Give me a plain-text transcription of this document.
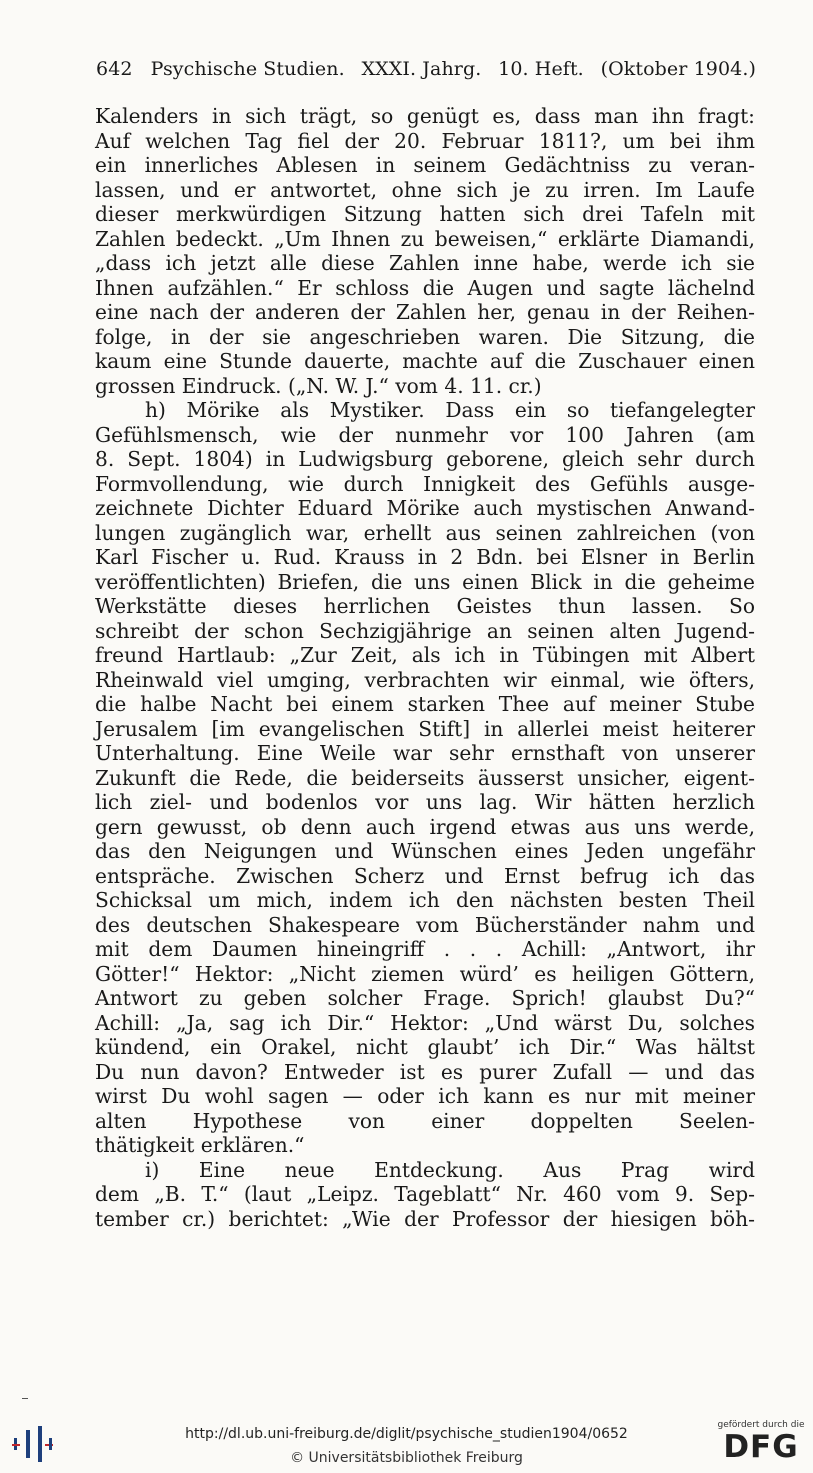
642 Psychische Studien. XXXI. Jahrg. 10. Heft. (Oktober 1904.)
Kalenders in sich trägt, so genügt es, dass man ihn fragt:
Auf welchen Tag fiel der 20. Februar 1811?, um bei ihm
ein innerliches Ablesen in seinem Gedächtniss zu veran-
lassen, und er antwortet, ohne sich je zu irren. Im Laufe
dieser merkwürdigen Sitzung hatten sich drei Tafeln mit
Zahlen bedeckt. „Um Ihnen zu beweisen,“ erklärte Diamandi,
„dass ich jetzt alle diese Zahlen inne habe, werde ich sie
Ihnen aufzählen.“ Er schloss die Augen und sagte lächelnd
eine nach der anderen der Zahlen her, genau in der Reihen-
folge, in der sie angeschrieben waren. Die Sitzung, die
kaum eine Stunde dauerte, machte auf die Zuschauer einen
grossen Eindruck. („N. W. J.“ vom 4. 11. cr.)
h) Mörike als Mystiker. Dass ein so tiefangelegter
Gefühlsmensch, wie der nunmehr vor 100 Jahren (am
8. Sept. 1804) in Ludwigsburg geborene, gleich sehr durch
Formvollendung, wie durch Innigkeit des Gefühls ausge-
zeichnete Dichter Eduard Mörike auch mystischen Anwand-
lungen zugänglich war, erhellt aus seinen zahlreichen (von
Karl Fischer u. Rud. Krauss in 2 Bdn. bei Elsner in Berlin
veröffentlichten) Briefen, die uns einen Blick in die geheime
Werkstätte dieses herrlichen Geistes thun lassen. So
schreibt der schon Sechzigjährige an seinen alten Jugend-
freund Hartlaub: „Zur Zeit, als ich in Tübingen mit Albert
Rheinwald viel umging, verbrachten wir einmal, wie öfters,
die halbe Nacht bei einem starken Thee auf meiner Stube
Jerusalem [im evangelischen Stift] in allerlei meist heiterer
Unterhaltung. Eine Weile war sehr ernsthaft von unserer
Zukunft die Rede, die beiderseits äusserst unsicher, eigent-
lich ziel- und bodenlos vor uns lag. Wir hätten herzlich
gern gewusst, ob denn auch irgend etwas aus uns werde,
das den Neigungen und Wünschen eines Jeden ungefähr
entspräche. Zwischen Scherz und Ernst befrug ich das
Schicksal um mich, indem ich den nächsten besten Theil
des deutschen Shakespeare vom Bücherständer nahm und
mit dem Daumen hineingriff . . . Achill: „Antwort, ihr
Götter!“ Hektor: „Nicht ziemen würd’ es heiligen Göttern,
Antwort zu geben solcher Frage. Sprich! glaubst Du?“
Achill: „Ja, sag ich Dir.“ Hektor: „Und wärst Du, solches
kündend, ein Orakel, nicht glaubt’ ich Dir.“ Was hältst
Du nun davon? Entweder ist es purer Zufall — und das
wirst Du wohl sagen — oder ich kann es nur mit meiner
alten Hypothese von einer doppelten Seelen-
thätigkeit erklären.“
i) Eine neue Entdeckung. Aus Prag wird
dem „B. T.“ (laut „Leipz. Tageblatt“ Nr. 460 vom 9. Sep-
tember cr.) berichtet: „Wie der Professor der hiesigen böh-
http://dl.ub.uni-freiburg.de/diglit/psychische_studien1904/0652
© Universitätsbibliothek Freiburg
gefördert durch die
DFG
